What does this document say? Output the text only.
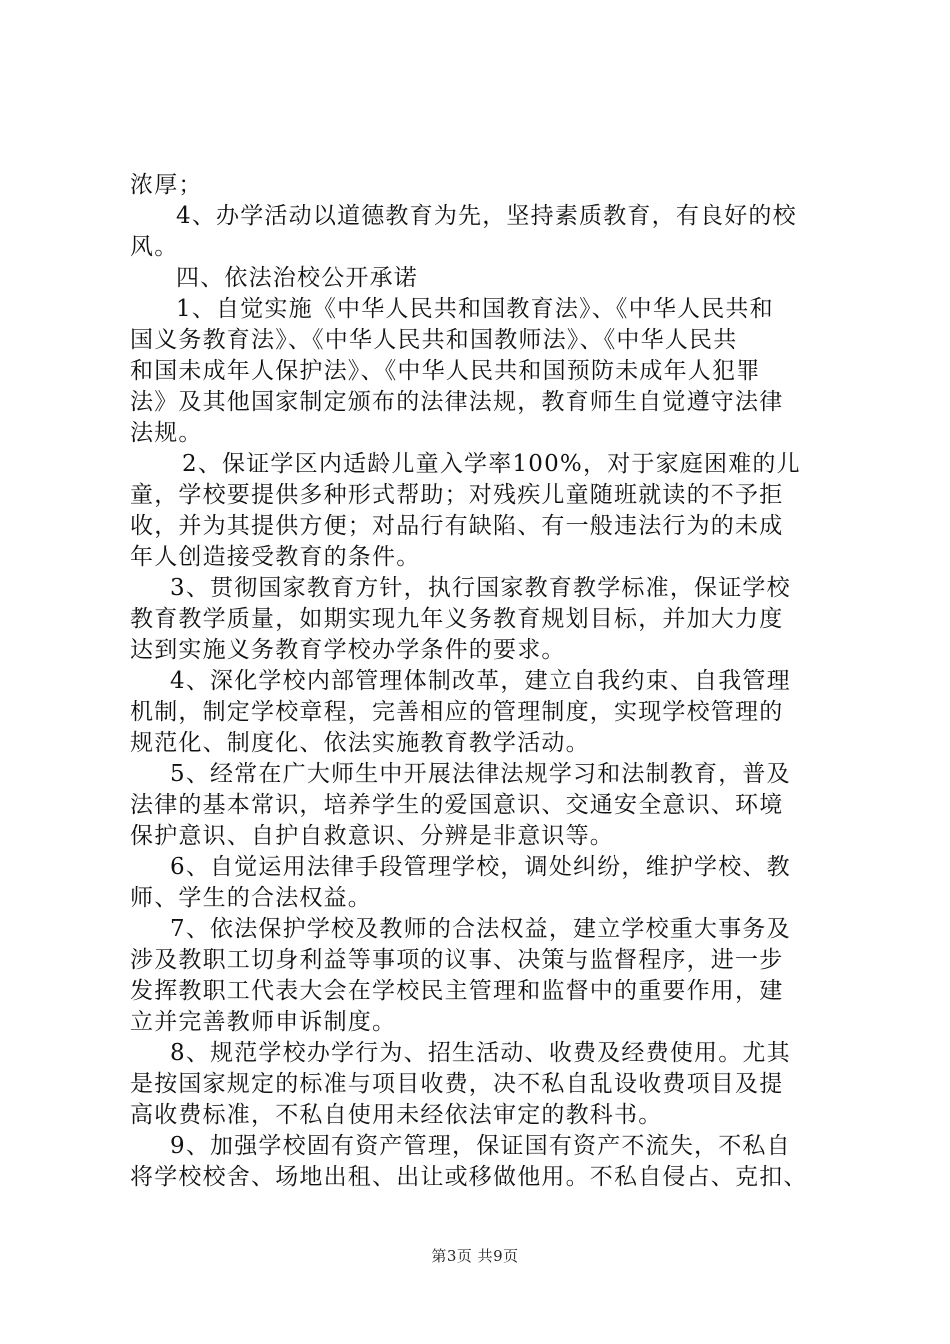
浓厚；
4、办学活动以道德教育为先，坚持素质教育，有良好的校
风。
四、依法治校公开承诺
1、自觉实施《中华人民共和国教育法》、《中华人民共和
国义务教育法》、《中华人民共和国教师法》、《中华人民共
和国未成年人保护法》、《中华人民共和国预防未成年人犯罪
法》及其他国家制定颁布的法律法规，教育师生自觉遵守法律
法规。
2、保证学区内适龄儿童入学率100%，对于家庭困难的儿
童，学校要提供多种形式帮助；对残疾儿童随班就读的不予拒
收，并为其提供方便；对品行有缺陷、有一般违法行为的未成
年人创造接受教育的条件。
3、贯彻国家教育方针，执行国家教育教学标准，保证学校
教育教学质量，如期实现九年义务教育规划目标，并加大力度
达到实施义务教育学校办学条件的要求。
4、深化学校内部管理体制改革，建立自我约束、自我管理
机制，制定学校章程，完善相应的管理制度，实现学校管理的
规范化、制度化、依法实施教育教学活动。
5、经常在广大师生中开展法律法规学习和法制教育，普及
法律的基本常识，培养学生的爱国意识、交通安全意识、环境
保护意识、自护自救意识、分辨是非意识等。
6、自觉运用法律手段管理学校，调处纠纷，维护学校、教
师、学生的合法权益。
7、依法保护学校及教师的合法权益，建立学校重大事务及
涉及教职工切身利益等事项的议事、决策与监督程序，进一步
发挥教职工代表大会在学校民主管理和监督中的重要作用，建
立并完善教师申诉制度。
8、规范学校办学行为、招生活动、收费及经费使用。尤其
是按国家规定的标准与项目收费，决不私自乱设收费项目及提
高收费标准，不私自使用未经依法审定的教科书。
9、加强学校固有资产管理，保证国有资产不流失，不私自
将学校校舍、场地出租、出让或移做他用。不私自侵占、克扣、
第3页 共9页
